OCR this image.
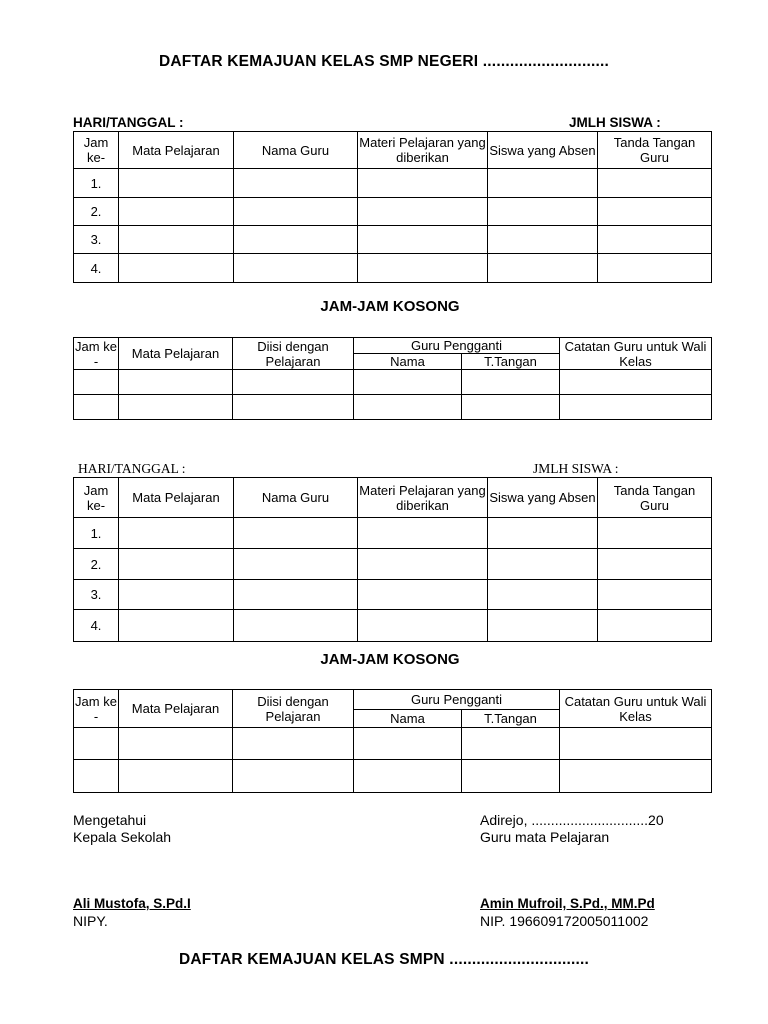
DAFTAR KEMAJUAN KELAS SMP NEGERI ............................
HARI/TANGGAL :	JMLH SISWA :
Jam ke-	Mata Pelajaran	Nama Guru	Materi Pelajaran yang diberikan	Siswa yang Absen	Tanda Tangan Guru
1.					
2.					
3.					
4.					
JAM-JAM KOSONG
Jam ke -	Mata Pelajaran	Diisi dengan Pelajaran	Guru Pengganti		Catatan Guru untuk Wali Kelas
			Nama	T.Tangan	

HARI/TANGGAL :	JMLH SISWA :
Jam ke-	Mata Pelajaran	Nama Guru	Materi Pelajaran yang diberikan	Siswa yang Absen	Tanda Tangan Guru
1.					
2.					
3.					
4.					
JAM-JAM KOSONG
Jam ke -	Mata Pelajaran	Diisi dengan Pelajaran	Guru Pengganti		Catatan Guru untuk Wali Kelas
			Nama	T.Tangan	

Mengetahui
Kepala Sekolah
Adirejo, ..............................20
Guru mata Pelajaran
Ali Mustofa, S.Pd.I
NIPY.
Amin Mufroil, S.Pd., MM.Pd
NIP. 196609172005011002
DAFTAR KEMAJUAN KELAS SMPN ...............................
